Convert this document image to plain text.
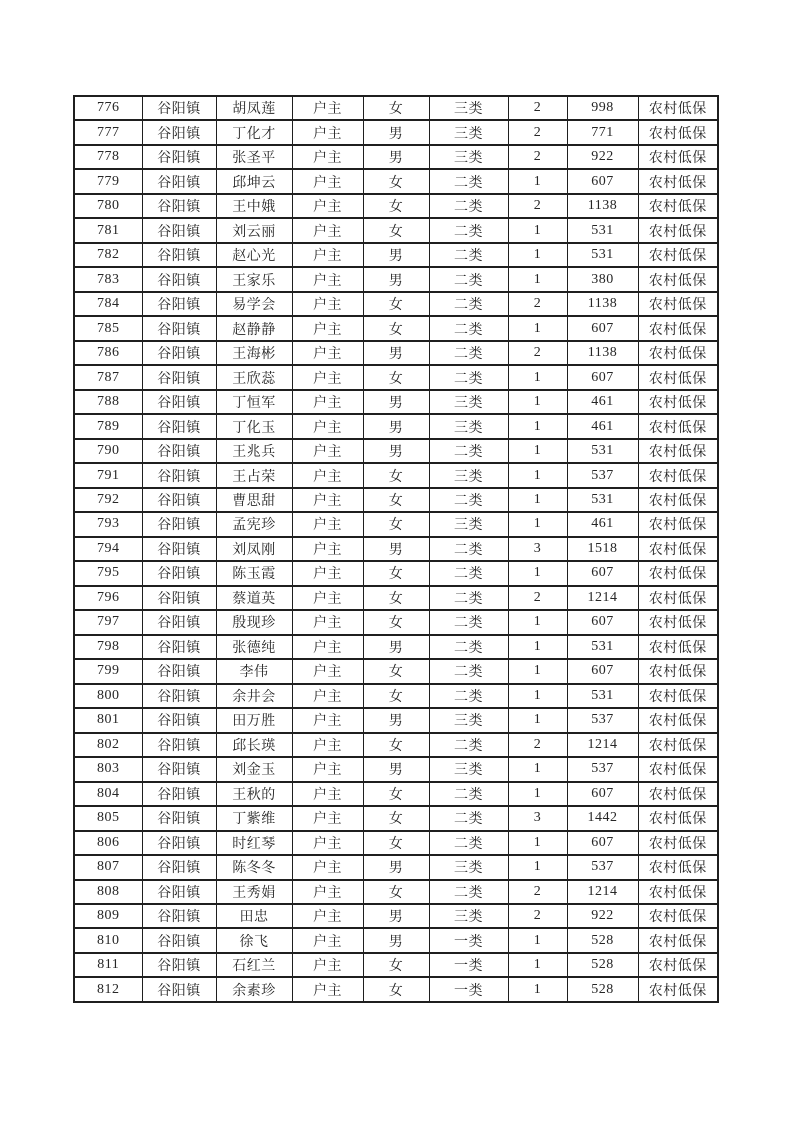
776	谷阳镇	胡凤莲	户主	女	三类	2	998	农村低保
777	谷阳镇	丁化才	户主	男	三类	2	771	农村低保
778	谷阳镇	张圣平	户主	男	三类	2	922	农村低保
779	谷阳镇	邱坤云	户主	女	二类	1	607	农村低保
780	谷阳镇	王中娥	户主	女	二类	2	1138	农村低保
781	谷阳镇	刘云丽	户主	女	二类	1	531	农村低保
782	谷阳镇	赵心光	户主	男	二类	1	531	农村低保
783	谷阳镇	王家乐	户主	男	二类	1	380	农村低保
784	谷阳镇	易学会	户主	女	二类	2	1138	农村低保
785	谷阳镇	赵静静	户主	女	二类	1	607	农村低保
786	谷阳镇	王海彬	户主	男	二类	2	1138	农村低保
787	谷阳镇	王欣蕊	户主	女	二类	1	607	农村低保
788	谷阳镇	丁恒军	户主	男	三类	1	461	农村低保
789	谷阳镇	丁化玉	户主	男	三类	1	461	农村低保
790	谷阳镇	王兆兵	户主	男	二类	1	531	农村低保
791	谷阳镇	王占荣	户主	女	三类	1	537	农村低保
792	谷阳镇	曹思甜	户主	女	二类	1	531	农村低保
793	谷阳镇	孟宪珍	户主	女	三类	1	461	农村低保
794	谷阳镇	刘凤刚	户主	男	二类	3	1518	农村低保
795	谷阳镇	陈玉霞	户主	女	二类	1	607	农村低保
796	谷阳镇	蔡道英	户主	女	二类	2	1214	农村低保
797	谷阳镇	殷现珍	户主	女	二类	1	607	农村低保
798	谷阳镇	张德纯	户主	男	二类	1	531	农村低保
799	谷阳镇	李伟	户主	女	二类	1	607	农村低保
800	谷阳镇	余井会	户主	女	二类	1	531	农村低保
801	谷阳镇	田万胜	户主	男	三类	1	537	农村低保
802	谷阳镇	邱长瑛	户主	女	二类	2	1214	农村低保
803	谷阳镇	刘金玉	户主	男	三类	1	537	农村低保
804	谷阳镇	王秋的	户主	女	二类	1	607	农村低保
805	谷阳镇	丁紫维	户主	女	二类	3	1442	农村低保
806	谷阳镇	时红琴	户主	女	二类	1	607	农村低保
807	谷阳镇	陈冬冬	户主	男	三类	1	537	农村低保
808	谷阳镇	王秀娟	户主	女	二类	2	1214	农村低保
809	谷阳镇	田忠	户主	男	三类	2	922	农村低保
810	谷阳镇	徐飞	户主	男	一类	1	528	农村低保
811	谷阳镇	石红兰	户主	女	一类	1	528	农村低保
812	谷阳镇	余素珍	户主	女	一类	1	528	农村低保
